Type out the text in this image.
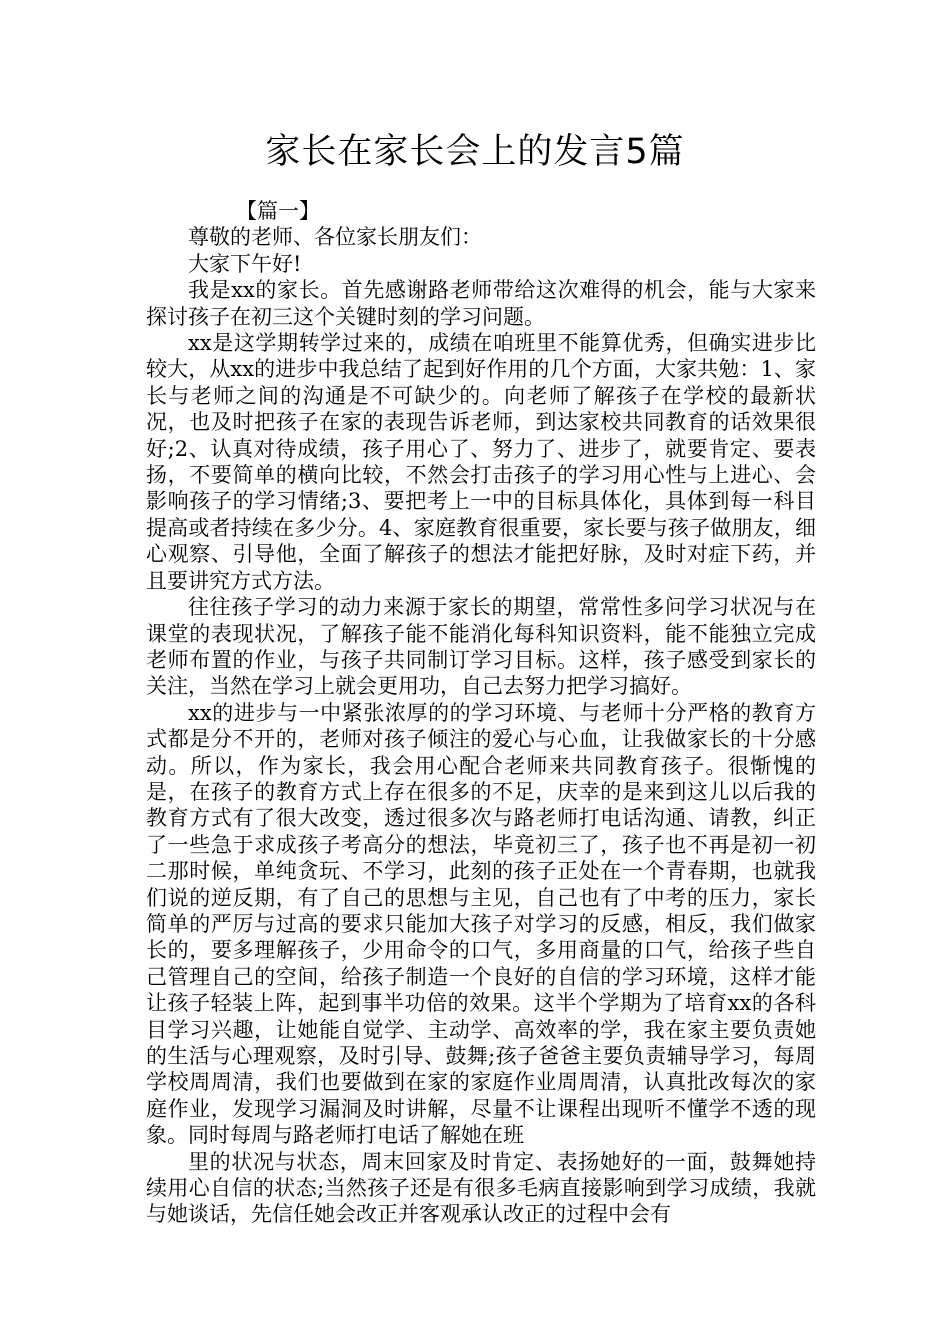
家长在家长会上的发言5篇

【篇一】

尊敬的老师、各位家长朋友们：

大家下午好!

我是xx的家长。首先感谢路老师带给这次难得的机会，能与大家来探讨孩子在初三这个关键时刻的学习问题。

xx是这学期转学过来的，成绩在咱班里不能算优秀，但确实进步比较大，从xx的进步中我总结了起到好作用的几个方面，大家共勉：1、家长与老师之间的沟通是不可缺少的。向老师了解孩子在学校的最新状况，也及时把孩子在家的表现告诉老师，到达家校共同教育的话效果很好;2、认真对待成绩，孩子用心了、努力了、进步了，就要肯定、要表扬，不要简单的横向比较，不然会打击孩子的学习用心性与上进心、会影响孩子的学习情绪;3、要把考上一中的目标具体化，具体到每一科目提高或者持续在多少分。4、家庭教育很重要，家长要与孩子做朋友，细心观察、引导他，全面了解孩子的想法才能把好脉，及时对症下药，并且要讲究方式方法。

往往孩子学习的动力来源于家长的期望，常常性多问学习状况与在课堂的表现状况，了解孩子能不能消化每科知识资料，能不能独立完成老师布置的作业，与孩子共同制订学习目标。这样，孩子感受到家长的关注，当然在学习上就会更用功，自己去努力把学习搞好。

xx的进步与一中紧张浓厚的的学习环境、与老师十分严格的教育方式都是分不开的，老师对孩子倾注的爱心与心血，让我做家长的十分感动。所以，作为家长，我会用心配合老师来共同教育孩子。很惭愧的是，在孩子的教育方式上存在很多的不足，庆幸的是来到这儿以后我的教育方式有了很大改变，透过很多次与路老师打电话沟通、请教，纠正了一些急于求成孩子考高分的想法，毕竟初三了，孩子也不再是初一初二那时候，单纯贪玩、不学习，此刻的孩子正处在一个青春期，也就我们说的逆反期，有了自己的思想与主见，自己也有了中考的压力，家长简单的严厉与过高的要求只能加大孩子对学习的反感，相反，我们做家长的，要多理解孩子，少用命令的口气，多用商量的口气，给孩子些自己管理自己的空间，给孩子制造一个良好的自信的学习环境，这样才能让孩子轻装上阵，起到事半功倍的效果。这半个学期为了培育xx的各科目学习兴趣，让她能自觉学、主动学、高效率的学，我在家主要负责她的生活与心理观察，及时引导、鼓舞;孩子爸爸主要负责辅导学习，每周学校周周清，我们也要做到在家的家庭作业周周清，认真批改每次的家庭作业，发现学习漏洞及时讲解，尽量不让课程出现听不懂学不透的现象。同时每周与路老师打电话了解她在班

里的状况与状态，周末回家及时肯定、表扬她好的一面，鼓舞她持续用心自信的状态;当然孩子还是有很多毛病直接影响到学习成绩，我就与她谈话，先信任她会改正并客观承认改正的过程中会有
